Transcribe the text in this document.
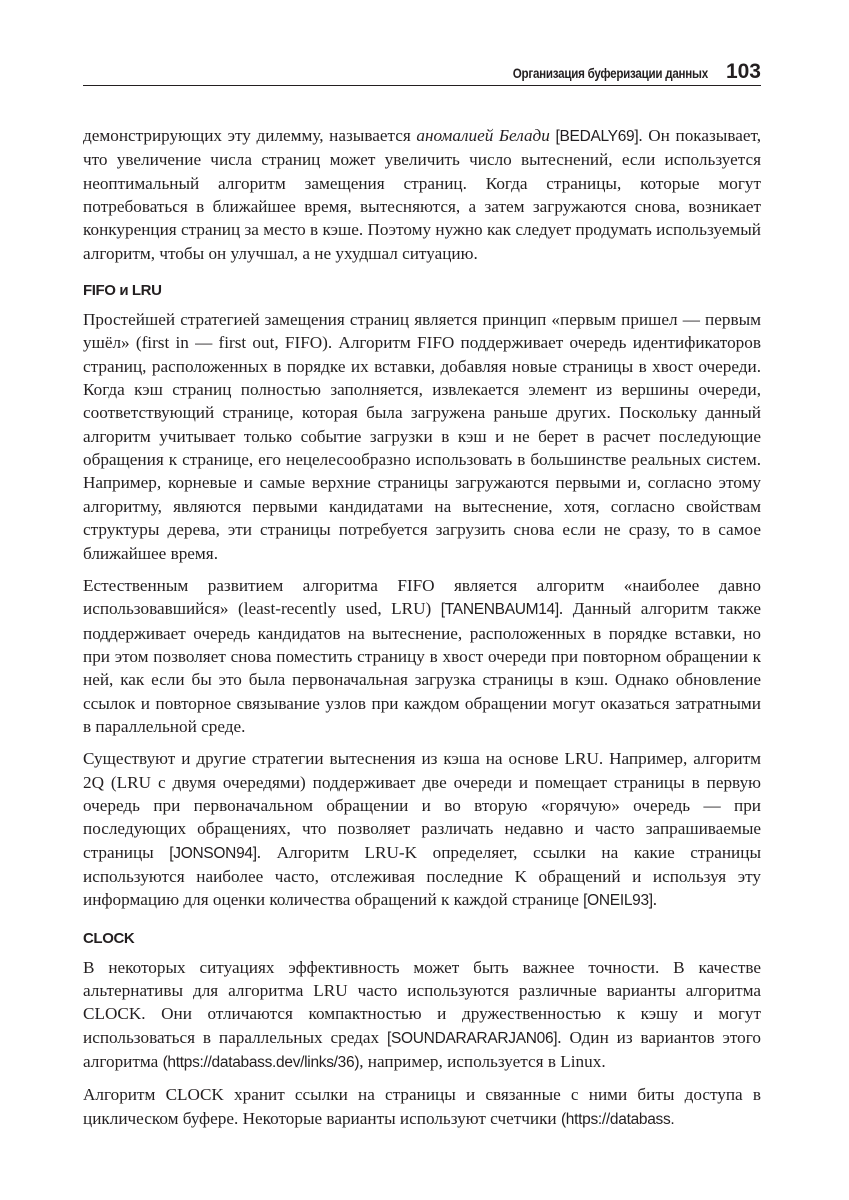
Организация буферизации данных 103

демонстрирующих эту дилемму, называется аномалией Белади [BEDALY69]. Он показывает, что увеличение числа страниц может увеличить число вытеснений, если используется неоптимальный алгоритм замещения страниц. Когда страницы, которые могут потребоваться в ближайшее время, вытесняются, а затем загружаются снова, возникает конкуренция страниц за место в кэше. Поэтому нужно как следует продумать используемый алгоритм, чтобы он улучшал, а не ухудшал ситуацию.

FIFO и LRU

Простейшей стратегией замещения страниц является принцип «первым пришел — первым ушёл» (first in — first out, FIFO). Алгоритм FIFO поддерживает очередь идентификаторов страниц, расположенных в порядке их вставки, добавляя новые страницы в хвост очереди. Когда кэш страниц полностью заполняется, извлекается элемент из вершины очереди, соответствующий странице, которая была загружена раньше других. Поскольку данный алгоритм учитывает только событие загрузки в кэш и не берет в расчет последующие обращения к странице, его нецелесообразно использовать в большинстве реальных систем. Например, корневые и самые верхние страницы загружаются первыми и, согласно этому алгоритму, являются первыми кандидатами на вытеснение, хотя, согласно свойствам структуры дерева, эти страницы потребуется загрузить снова если не сразу, то в самое ближайшее время.

Естественным развитием алгоритма FIFO является алгоритм «наиболее давно использовавшийся» (least-recently used, LRU) [TANENBAUM14]. Данный алгоритм также поддерживает очередь кандидатов на вытеснение, расположенных в порядке вставки, но при этом позволяет снова поместить страницу в хвост очереди при повторном обращении к ней, как если бы это была первоначальная загрузка страницы в кэш. Однако обновление ссылок и повторное связывание узлов при каждом обращении могут оказаться затратными в параллельной среде.

Существуют и другие стратегии вытеснения из кэша на основе LRU. Например, алгоритм 2Q (LRU с двумя очередями) поддерживает две очереди и помещает страницы в первую очередь при первоначальном обращении и во вторую «горячую» очередь — при последующих обращениях, что позволяет различать недавно и часто запрашиваемые страницы [JONSON94]. Алгоритм LRU-K определяет, ссылки на какие страницы используются наиболее часто, отслеживая последние K обращений и используя эту информацию для оценки количества обращений к каждой странице [ONEIL93].

CLOCK

В некоторых ситуациях эффективность может быть важнее точности. В качестве альтернативы для алгоритма LRU часто используются различные варианты алгоритма CLOCK. Они отличаются компактностью и дружественностью к кэшу и могут использоваться в параллельных средах [SOUNDARARARJAN06]. Один из вариантов этого алгоритма (https://databass.dev/links/36), например, используется в Linux.

Алгоритм CLOCK хранит ссылки на страницы и связанные с ними биты доступа в циклическом буфере. Некоторые варианты используют счетчики (https://databass.
